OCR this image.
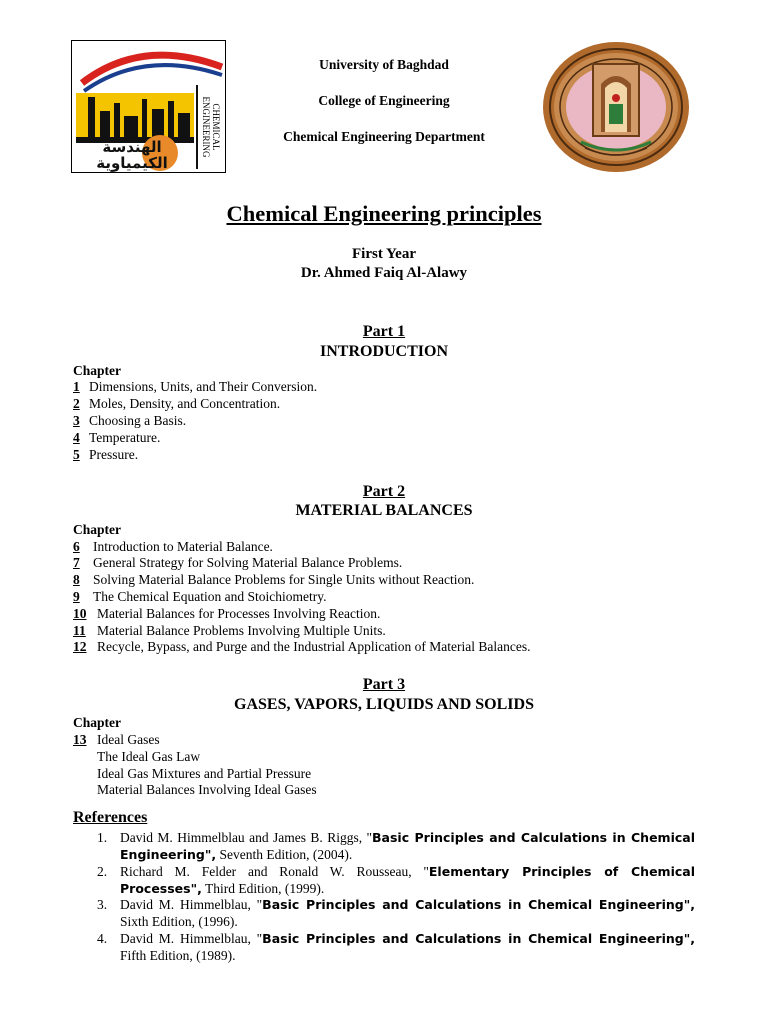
CHEMICAL ENGINEERING
الهندسة الكيمياوية
University of Baghdad
College of Engineering
Chemical Engineering Department
Chemical Engineering principles
First Year
Dr. Ahmed Faiq Al-Alawy
Part 1
INTRODUCTION
Chapter
1 Dimensions, Units, and Their Conversion.
2 Moles, Density, and Concentration.
3 Choosing a Basis.
4 Temperature.
5 Pressure.
Part 2
MATERIAL BALANCES
Chapter
6 Introduction to Material Balance.
7 General Strategy for Solving Material Balance Problems.
8 Solving Material Balance Problems for Single Units without Reaction.
9 The Chemical Equation and Stoichiometry.
10 Material Balances for Processes Involving Reaction.
11 Material Balance Problems Involving Multiple Units.
12 Recycle, Bypass, and Purge and the Industrial Application of Material Balances.
Part 3
GASES, VAPORS, LIQUIDS AND SOLIDS
Chapter
13 Ideal Gases
The Ideal Gas Law
Ideal Gas Mixtures and Partial Pressure
Material Balances Involving Ideal Gases
References
1. David M. Himmelblau and James B. Riggs, "Basic Principles and Calculations in Chemical Engineering", Seventh Edition, (2004).
2. Richard M. Felder and Ronald W. Rousseau, "Elementary Principles of Chemical Processes", Third Edition, (1999).
3. David M. Himmelblau, "Basic Principles and Calculations in Chemical Engineering", Sixth Edition, (1996).
4. David M. Himmelblau, "Basic Principles and Calculations in Chemical Engineering", Fifth Edition, (1989).
